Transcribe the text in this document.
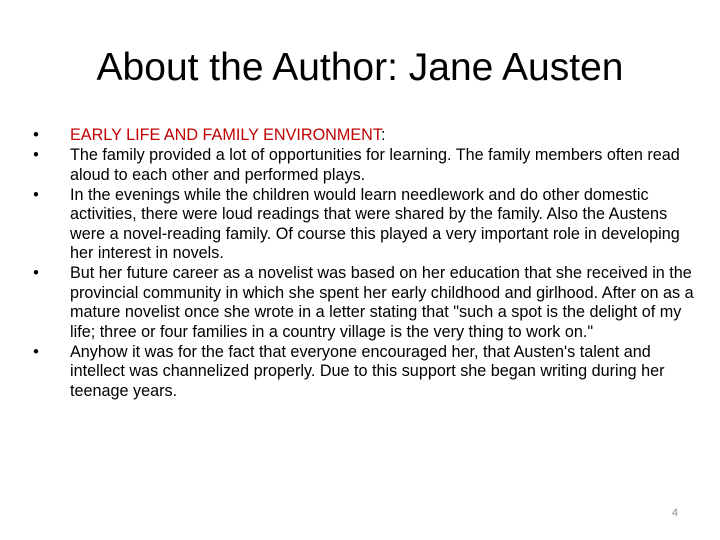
About the Author: Jane Austen
• EARLY LIFE AND FAMILY ENVIRONMENT:
• The family provided a lot of opportunities for learning. The family members often read aloud to each other and performed plays.
• In the evenings while the children would learn needlework and do other domestic activities, there were loud readings that were shared by the family. Also the Austens were a novel-reading family. Of course this played a very important role in developing her interest in novels.
• But her future career as a novelist was based on her education that she received in the provincial community in which she spent her early childhood and girlhood. After on as a mature novelist once she wrote in a letter stating that "such a spot is the delight of my life; three or four families in a country village is the very thing to work on."
• Anyhow it was for the fact that everyone encouraged her, that Austen's talent and intellect was channelized properly. Due to this support she began writing during her teenage years.
4
